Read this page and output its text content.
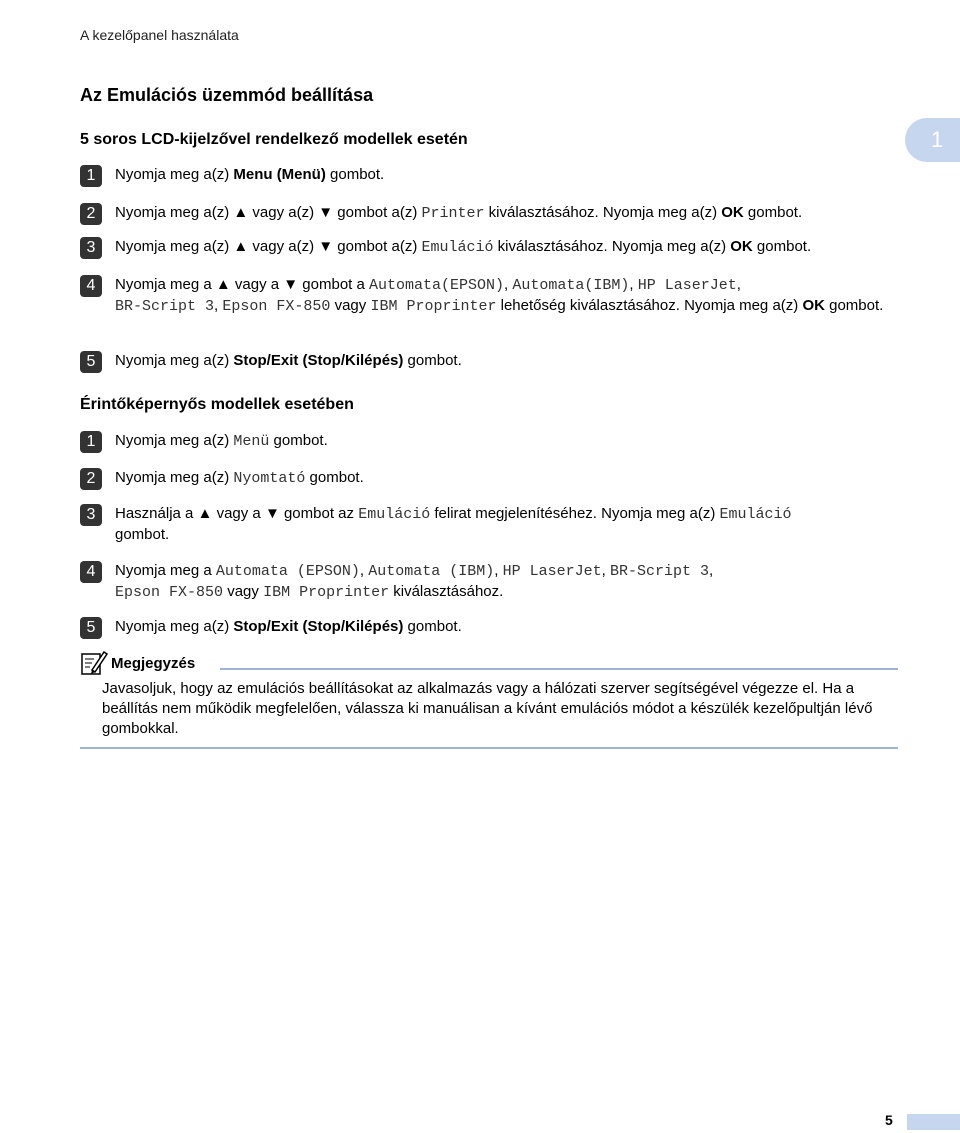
A kezelőpanel használata
1
Az Emulációs üzemmód beállítása
5 soros LCD-kijelzővel rendelkező modellek esetén
1	Nyomja meg a(z) Menu (Menü) gombot.
2	Nyomja meg a(z) ▲ vagy a(z) ▼ gombot a(z) Printer kiválasztásához. Nyomja meg a(z) OK gombot.
3	Nyomja meg a(z) ▲ vagy a(z) ▼ gombot a(z) Emuláció kiválasztásához. Nyomja meg a(z) OK gombot.
4	Nyomja meg a ▲ vagy a ▼ gombot a Automata(EPSON), Automata(IBM), HP LaserJet,
BR-Script 3, Epson FX-850 vagy IBM Proprinter lehetőség kiválasztásához. Nyomja meg a(z) OK gombot.
5	Nyomja meg a(z) Stop/Exit (Stop/Kilépés) gombot.
Érintőképernyős modellek esetében
1	Nyomja meg a(z) Menü gombot.
2	Nyomja meg a(z) Nyomtató gombot.
3	Használja a ▲ vagy a ▼ gombot az Emuláció felirat megjelenítéséhez. Nyomja meg a(z) Emuláció
gombot.
4	Nyomja meg a Automata (EPSON), Automata (IBM), HP LaserJet, BR-Script 3,
Epson FX-850 vagy IBM Proprinter kiválasztásához.
5	Nyomja meg a(z) Stop/Exit (Stop/Kilépés) gombot.
Megjegyzés
Javasoljuk, hogy az emulációs beállításokat az alkalmazás vagy a hálózati szerver segítségével végezze el. Ha a beállítás nem működik megfelelően, válassza ki manuálisan a kívánt emulációs módot a készülék kezelőpultján lévő gombokkal.
5
